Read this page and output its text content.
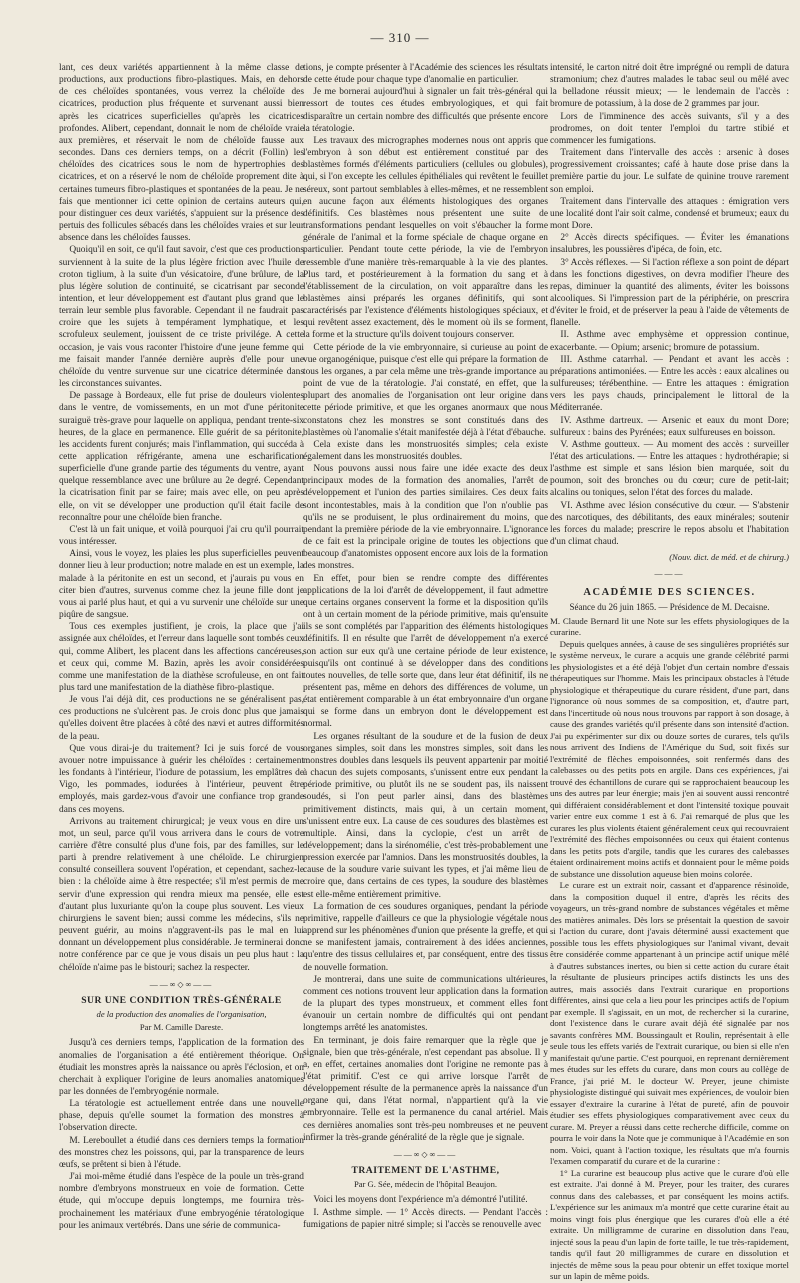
— 310 —

lant, ces deux variétés appartiennent à la même classe de productions, aux productions fibro-plastiques. Mais, en dehors de ces chéloïdes spontanées, vous verrez la chéloïde des cicatrices, production plus fréquente et survenant aussi bien après les cicatrices superficielles qu'après les cicatrices profondes. Alibert, cependant, donnait le nom de chéloïde vraie aux premières, et réservait le nom de chéloïde fausse aux secondes. Dans ces derniers temps, on a décrit (Follin) les chéloïdes des cicatrices sous le nom de hypertrophies des cicatrices, et on a réservé le nom de chéloïde proprement dite à certaines tumeurs fibro-plastiques et spontanées de la peau. Je ne fais que mentionner ici cette opinion de certains auteurs qui, pour distinguer ces deux variétés, s'appuient sur la présence des pertuis des follicules sébacés dans les chéloïdes vraies et sur leur absence dans les chéloïdes fausses.

Quoiqu'il en soit, ce qu'il faut savoir, c'est que ces productions surviennent à la suite de la plus légère friction avec l'huile de croton tiglium, à la suite d'un vésicatoire, d'une brûlure, de la plus légère solution de continuité, se cicatrisant par seconde intention, et leur développement est d'autant plus grand que le terrain leur semble plus favorable. Cependant il ne faudrait pas croire que les sujets à tempérament lymphatique, et les scrofuleux seulement, jouissent de ce triste privilége. A cette occasion, je vais vous raconter l'histoire d'une jeune femme qui me faisait mander l'année dernière auprès d'elle pour une chéloïde du ventre survenue sur une cicatrice déterminée dans les circonstances suivantes.

De passage à Bordeaux, elle fut prise de douleurs violentes dans le ventre, de vomissements, en un mot d'une péritonite suraiguë très-grave pour laquelle on appliqua, pendant trente-six heures, de la glace en permanence. Elle guérit de sa péritonite, les accidents furent conjurés; mais l'inflammation, qui succéda à cette application réfrigérante, amena une escharification superficielle d'une grande partie des téguments du ventre, ayant quelque ressemblance avec une brûlure au 2e degré. Cependant la cicatrisation finit par se faire; mais avec elle, on peu après elle, on vit se développer une production qu'il était facile de reconnaître pour une chéloïde bien franche.

C'est là un fait unique, et voilà pourquoi j'ai cru qu'il pourrait vous intéresser.

Ainsi, vous le voyez, les plaies les plus superficielles peuvent donner lieu à leur production; notre malade en est un exemple, la malade à la péritonite en est un second, et j'aurais pu vous en citer bien d'autres, survenus comme chez la jeune fille dont je vous ai parlé plus haut, et qui a vu survenir une chéloïde sur une piqûre de sangsue.

Tous ces exemples justifient, je crois, la place que j'ai assignée aux chéloïdes, et l'erreur dans laquelle sont tombés ceux qui, comme Alibert, les placent dans les affections cancéreuses, et ceux qui, comme M. Bazin, après les avoir considérées comme une manifestation de la diathèse scrofuleuse, en ont fait plus tard une manifestation de la diathèse fibro-plastique.

Je vous l'ai déjà dit, ces productions ne se généralisent pas, ces productions ne s'ulcèrent pas. Je crois donc plus que jamais qu'elles doivent être placées à côté des nævi et autres difformités de la peau.

Que vous dirai-je du traitement? Ici je suis forcé de vous avouer notre impuissance à guérir les chéloïdes : certainement les fondants à l'intérieur, l'iodure de potassium, les emplâtres de Vigo, les pommades, iodurées à l'intérieur, peuvent être employés, mais gardez-vous d'avoir une confiance trop grande dans ces moyens.

Arrivons au traitement chirurgical; je veux vous en dire un mot, un seul, parce qu'il vous arrivera dans le cours de votre carrière d'être consulté plus d'une fois, par des familles, sur le parti à prendre relativement à une chéloïde. Le chirurgien consulté conseillera souvent l'opération, et cependant, sachez-le bien : la chéloïde aime à être respectée; s'il m'est permis de me servir d'une expression qui rendra mieux ma pensée, elle est d'autant plus luxuriante qu'on la coupe plus souvent. Les vieux chirurgiens le savent bien; aussi comme les médecins, s'ils ne peuvent guérir, au moins n'aggravent-ils pas le mal en lui donnant un développement plus considérable. Je terminerai donc notre conférence par ce que je vous disais un peu plus haut : la chéloïde n'aime pas le bistouri; sachez la respecter.

——∞◇∞——
SUR UNE CONDITION TRÈS-GÉNÉRALE
de la production des anomalies de l'organisation,
Par M. Camille Dareste.

Jusqu'à ces derniers temps, l'application de la formation des anomalies de l'organisation a été entièrement théorique. On étudiait les monstres après la naissance ou après l'éclosion, et on cherchait à expliquer l'origine de leurs anomalies anatomiques par les données de l'embryogénie normale.

La tératologie est actuellement entrée dans une nouvelle phase, depuis qu'elle soumet la formation des monstres à l'observation directe.

M. Lereboullet a étudié dans ces derniers temps la formation des monstres chez les poissons, qui, par la transparence de leurs œufs, se prêtent si bien à l'étude.

J'ai moi-même étudié dans l'espèce de la poule un très-grand nombre d'embryons monstrueux en voie de formation. Cette étude, qui m'occupe depuis longtemps, me fournira très-prochainement les matériaux d'une embryogénie tératologique pour les animaux vertébrés. Dans une série de communica-

tions, je compte présenter à l'Académie des sciences les résultats de cette étude pour chaque type d'anomalie en particulier.

Je me bornerai aujourd'hui à signaler un fait très-général qui ressort de toutes ces études embryologiques, et qui fait disparaître un certain nombre des difficultés que présente encore la tératologie.

Les travaux des micrographes modernes nous ont appris que l'embryon à son début est entièrement constitué par des blastèmes formés d'éléments particuliers (cellules ou globules), qui, si l'on excepte les cellules épithéliales qui revêtent le feuillet séreux, sont partout semblables à elles-mêmes, et ne ressemblent en aucune façon aux éléments histologiques des organes définitifs. Ces blastèmes nous présentent une suite de transformations pendant lesquelles on voit s'ébaucher la forme générale de l'animal et la forme spéciale de chaque organe en particulier. Pendant toute cette période, la vie de l'embryon ressemble d'une manière très-remarquable à la vie des plantes. Plus tard, et postérieurement à la formation du sang et à l'établissement de la circulation, on voit apparaître dans les blastèmes ainsi préparés les organes définitifs, qui sont caractérisés par l'existence d'éléments histologiques spéciaux, et qui revêtent assez exactement, dès le moment où ils se forment, la forme et la structure qu'ils doivent toujours conserver.

Cette période de la vie embryonnaire, si curieuse au point de vue organogénique, puisque c'est elle qui prépare la formation de tous les organes, a par cela même une très-grande importance au point de vue de la tératologie. J'ai constaté, en effet, que la plupart des anomalies de l'organisation ont leur origine dans cette période primitive, et que les organes anormaux que nous constatons chez les monstres se sont constitués dans des blastèmes où l'anomalie s'était manifestée déjà à l'état d'ébauche.

Cela existe dans les monstruosités simples; cela existe également dans les monstruosités doubles.

Nous pouvons aussi nous faire une idée exacte des deux principaux modes de la formation des anomalies, l'arrêt de développement et l'union des parties similaires. Ces deux faits sont incontestables, mais à la condition que l'on n'oublie pas qu'ils ne se produisent, le plus ordinairement du moins, que pendant la première période de la vie embryonnaire. L'ignorance de ce fait est la principale origine de toutes les objections que beaucoup d'anatomistes opposent encore aux lois de la formation des monstres.

En effet, pour bien se rendre compte des différentes applications de la loi d'arrêt de développement, il faut admettre que certains organes conservent la forme et la disposition qu'ils ont à un certain moment de la période primitive, mais qu'ensuite ils se sont complétés par l'apparition des éléments histologiques définitifs. Il en résulte que l'arrêt de développement n'a exercé son action sur eux qu'à une certaine période de leur existence, puisqu'ils ont continué à se développer dans des conditions toutes nouvelles, de telle sorte que, dans leur état définitif, ils ne présentent pas, même en dehors des différences de volume, un état entièrement comparable à un état embryonnaire d'un organe qui se forme dans un embryon dont le développement est normal.

Les organes résultant de la soudure et de la fusion de deux organes simples, soit dans les monstres simples, soit dans les monstres doubles dans lesquels ils peuvent appartenir par moitié à chacun des sujets composants, s'unissent entre eux pendant la période primitive, ou plutôt ils ne se soudent pas, ils naissent soudés, si l'on peut parler ainsi, dans des blastèmes primitivement distincts, mais qui, à un certain moment, s'unissent entre eux. La cause de ces soudures des blastèmes est multiple. Ainsi, dans la cyclopie, c'est un arrêt de développement; dans la sirénomélie, c'est très-probablement une pression exercée par l'amnios. Dans les monstruosités doubles, la cause de la soudure varie suivant les types, et j'ai même lieu de croire que, dans certains de ces types, la soudure des blastèmes est elle-même entièrement primitive.

La formation de ces soudures organiques, pendant la période primitive, rappelle d'ailleurs ce que la physiologie végétale nous apprend sur les phénomènes d'union que présente la greffe, et qui ne se manifestent jamais, contrairement à des idées anciennes, qu'entre des tissus cellulaires et, par conséquent, entre des tissus de nouvelle formation.

Je montrerai, dans une suite de communications ultérieures, comment ces notions trouvent leur application dans la formation de la plupart des types monstrueux, et comment elles font évanouir un certain nombre de difficultés qui ont pendant longtemps arrêté les anatomistes.

En terminant, je dois faire remarquer que la règle que je signale, bien que très-générale, n'est cependant pas absolue. Il y a, en effet, certaines anomalies dont l'origine ne remonte pas à l'état primitif. C'est ce qui arrive lorsque l'arrêt de développement résulte de la permanence après la naissance d'un organe qui, dans l'état normal, n'appartient qu'à la vie embryonnaire. Telle est la permanence du canal artériel. Mais ces dernières anomalies sont très-peu nombreuses et ne peuvent infirmer la très-grande généralité de la règle que je signale.

——∞◇∞——
TRAITEMENT DE L'ASTHME,
Par G. Sée, médecin de l'hôpital Beaujon.

Voici les moyens dont l'expérience m'a démontré l'utilité.

I. Asthme simple. — 1° Accès directs. — Pendant l'accès : fumigations de papier nitré simple; si l'accès se renouvelle avec

intensité, le carton nitré doit être imprégné ou rempli de datura stramonium; chez d'autres malades le tabac seul ou mêlé avec la belladone réussit mieux; — le lendemain de l'accès : bromure de potassium, à la dose de 2 grammes par jour.

Lors de l'imminence des accès suivants, s'il y a des prodromes, on doit tenter l'emploi du tartre stibié et commencer les fumigations.

Traitement dans l'intervalle des accès : arsenic à doses progressivement croissantes; café à haute dose prise dans la première partie du jour. Le sulfate de quinine trouve rarement son emploi.

Traitement dans l'intervalle des attaques : émigration vers une localité dont l'air soit calme, condensé et brumeux; eaux du mont Dore.

2° Accès directs spécifiques. — Éviter les émanations insalubres, les poussières d'ipéca, de foin, etc.

3° Accès réflexes. — Si l'action réflexe a son point de départ dans les fonctions digestives, on devra modifier l'heure des repas, diminuer la quantité des aliments, éviter les boissons alcooliques. Si l'impression part de la périphérie, on prescrira d'éviter le froid, et de préserver la peau à l'aide de vêtements de flanelle.

II. Asthme avec emphysème et oppression continue, exacerbante. — Opium; arsenic; bromure de potassium.

III. Asthme catarrhal. — Pendant et avant les accès : préparations antimoniées. — Entre les accès : eaux alcalines ou sulfureuses; térébenthine. — Entre les attaques : émigration vers les pays chauds, principalement le littoral de la Méditerranée.

IV. Asthme dartreux. — Arsenic et eaux du mont Dore; sulfureux : bains des Pyrénées; eaux sulfureuses en boisson.

V. Asthme goutteux. — Au moment des accès : surveiller l'état des articulations. — Entre les attaques : hydrothérapie; si l'asthme est simple et sans lésion bien marquée, soit du poumon, soit des bronches ou du cœur; cure de petit-lait; alcalins ou toniques, selon l'état des forces du malade.

VI. Asthme avec lésion consécutive du cœur. — S'abstenir des narcotiques, des débilitants, des eaux minérales; soutenir les forces du malade; prescrire le repos absolu et l'habitation d'un climat chaud.

(Nouv. dict. de méd. et de chirurg.)
———
ACADÉMIE DES SCIENCES.
Séance du 26 juin 1865. — Présidence de M. Decaisne.

M. Claude Bernard lit une Note sur les effets physiologiques de la curarine.

Depuis quelques années, à cause de ses singulières propriétés sur le système nerveux, le curare a acquis une grande célébrité parmi les physiologistes et a été déjà l'objet d'un certain nombre d'essais thérapeutiques sur l'homme. Mais les principaux obstacles à l'étude physiologique et thérapeutique du curare résident, d'une part, dans l'ignorance où nous sommes de sa composition, et, d'autre part, dans l'incertitude où nous nous trouvons par rapport à son dosage, à cause des grandes variétés qu'il présente dans son intensité d'action. J'ai pu expérimenter sur dix ou douze sortes de curares, tels qu'ils nous arrivent des Indiens de l'Amérique du Sud, soit fixés sur l'extrémité de flèches empoisonnées, soit renfermés dans des calebasses ou des petits pots en argile. Dans ces expériences, j'ai trouvé des échantillons de curare qui se rapprochaient beaucoup les uns des autres par leur énergie; mais j'en ai souvent aussi rencontré qui différaient considérablement et dont l'intensité toxique pouvait varier entre eux comme 1 est à 6. J'ai remarqué de plus que les curares les plus violents étaient généralement ceux qui recouvraient l'extrémité des flèches empoisonnées ou ceux qui étaient contenus dans les petits pots d'argile, tandis que les curares des calebasses étaient ordinairement moins actifs et donnaient pour le même poids de substance une dissolution aqueuse bien moins colorée.

Le curare est un extrait noir, cassant et d'apparence résinoïde, dans la composition duquel il entre, d'après les récits des voyageurs, un très-grand nombre de substances végétales et même des matières animales. Dès lors se présentait la question de savoir si l'action du curare, dont j'avais déterminé aussi exactement que possible tous les effets physiologiques sur l'animal vivant, devait être considérée comme appartenant à un principe actif unique mêlé à d'autres substances inertes, ou bien si cette action du curare était la résultante de plusieurs principes actifs distincts les uns des autres, mais associés dans l'extrait curarique en proportions différentes, ainsi que cela a lieu pour les principes actifs de l'opium par exemple. Il s'agissait, en un mot, de rechercher si la curarine, dont l'existence dans le curare avait déjà été signalée par nos savants confrères MM. Boussingault et Roulin, représentait à elle seule tous les effets variés de l'extrait curarique, ou bien si elle n'en manifestait qu'une partie. C'est pourquoi, en reprenant dernièrement mes études sur les effets du curare, dans mon cours au collège de France, j'ai prié M. le docteur W. Preyer, jeune chimiste physiologiste distingué qui suivait mes expériences, de vouloir bien essayer d'extraire la curarine à l'état de pureté, afin de pouvoir étudier ses effets physiologiques comparativement avec ceux du curare. M. Preyer a réussi dans cette recherche difficile, comme on pourra le voir dans la Note que je communique à l'Académie en son nom. Voici, quant à l'action toxique, les résultats que m'a fournis l'examen comparatif du curare et de la curarine :

1° La curarine est beaucoup plus active que le curare d'où elle est extraite. J'ai donné à M. Preyer, pour les traiter, des curares connus dans des calebasses, et par conséquent les moins actifs. L'expérience sur les animaux m'a montré que cette curarine était au moins vingt fois plus énergique que les curares d'où elle a été extraite. Un milligramme de curarine en dissolution dans l'eau, injecté sous la peau d'un lapin de forte taille, le tue très-rapidement, tandis qu'il faut 20 milligrammes de curare en dissolution et injectés de même sous la peau pour obtenir un effet toxique mortel sur un lapin de même poids.
